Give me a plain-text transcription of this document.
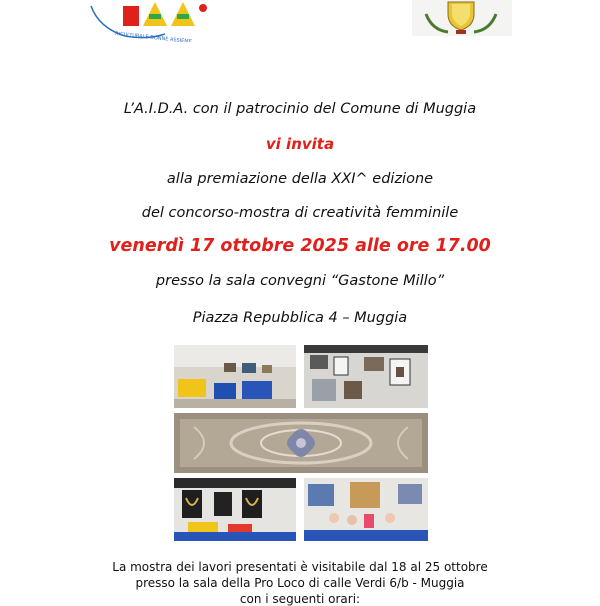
RICULTURALE DONNE ASSIEME
L’A.I.D.A. con il patrocinio del Comune di Muggia
vi invita
alla premiazione della XXI^ edizione
del concorso-mostra di creatività femminile
venerdì 17 ottobre 2025 alle ore 17.00
presso la sala convegni “Gastone Millo”
Piazza Repubblica 4 – Muggia
La mostra dei lavori presentati è visitabile dal 18 al 25 ottobre
presso la sala della Pro Loco di calle Verdi 6/b - Muggia
con i seguenti orari:
